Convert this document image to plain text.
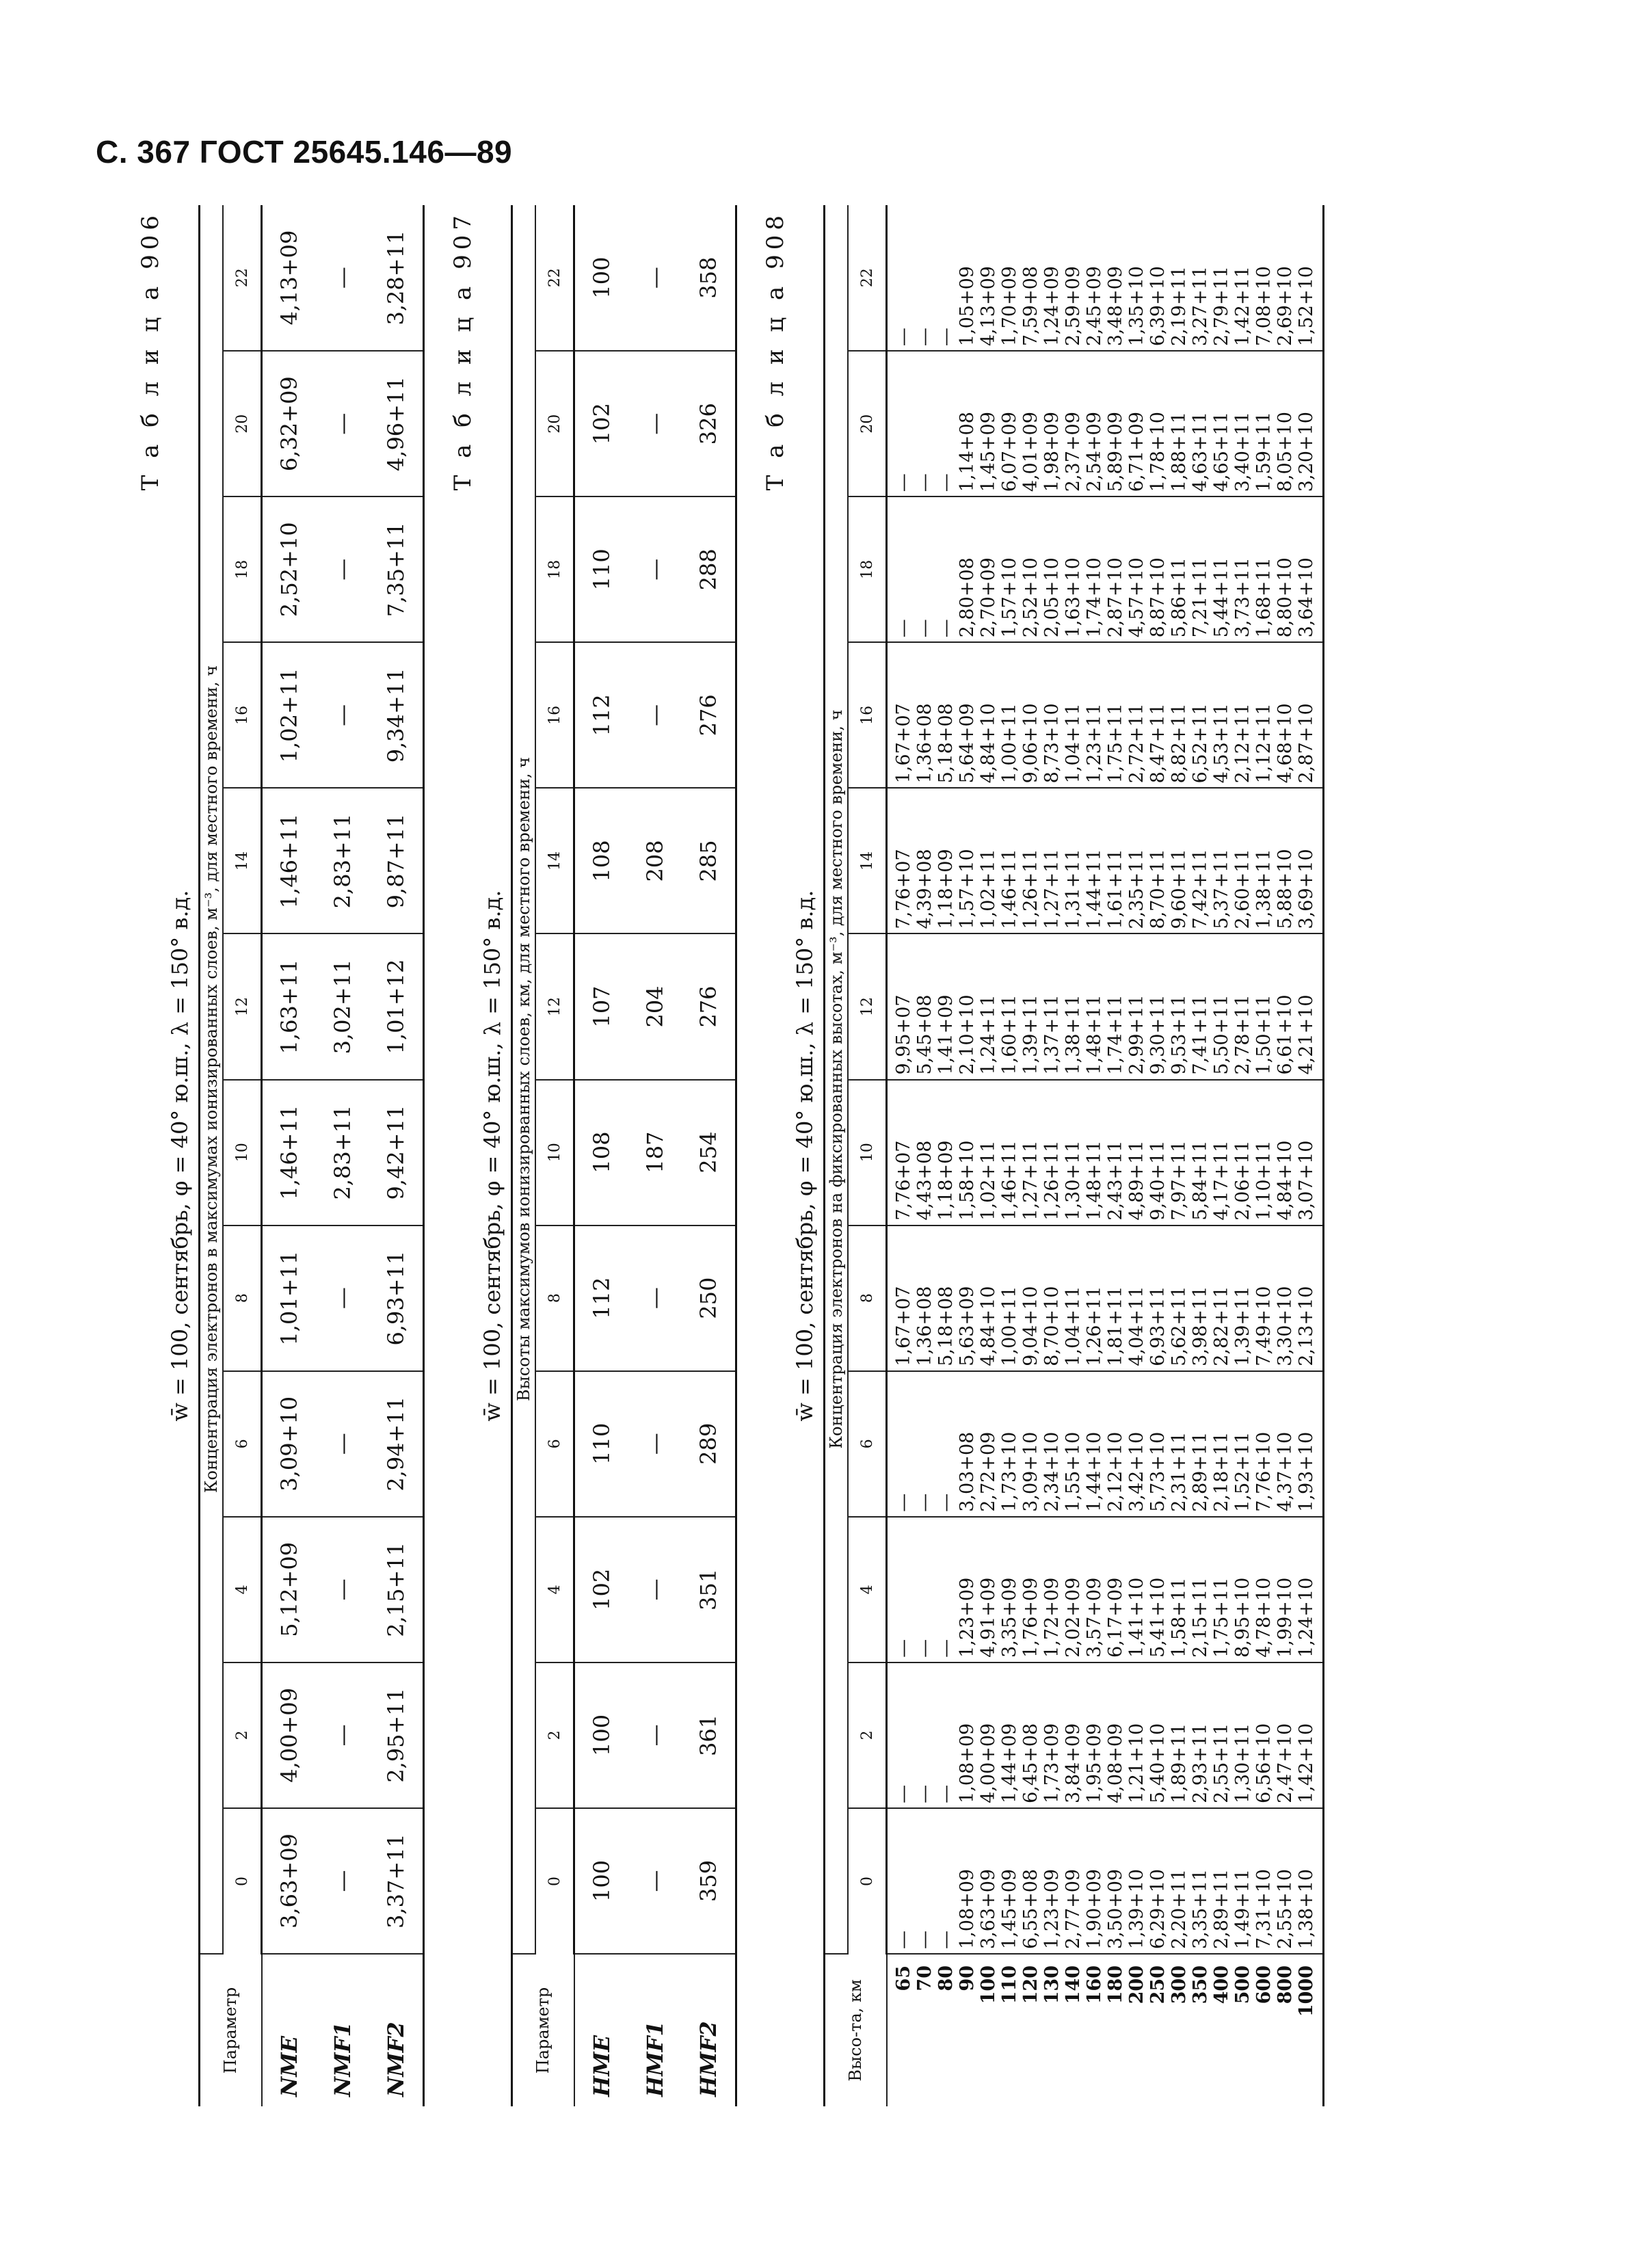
С. 367 ГОСТ 25645.146—89
Т а б л и ц а 906
w̄ = 100, сентябрь, φ = 40° ю.ш., λ = 150° в.д.
Параметр	Концентрация электронов в максимумах ионизированных слоев, м⁻³, для местного времени, ч											
	0	2	4	6	8	10	12	14	16	18	20	22
NME	3,63+09	4,00+09	5,12+09	3,09+10	1,01+11	1,46+11	1,63+11	1,46+11	1,02+11	2,52+10	6,32+09	4,13+09
NMF1	—	—	—	—	—	2,83+11	3,02+11	2,83+11	—	—	—	—
NMF2	3,37+11	2,95+11	2,15+11	2,94+11	6,93+11	9,42+11	1,01+12	9,87+11	9,34+11	7,35+11	4,96+11	3,28+11 Т а б л и ц а 907
w̄ = 100, сентябрь, φ = 40° ю.ш., λ = 150° в.д.
Параметр	Высоты максимумов ионизированных слоев, км, для местного времени, ч											
	0	2	4	6	8	10	12	14	16	18	20	22
HME	100	100	102	110	112	108	107	108	112	110	102	100
HMF1	—	—	—	—	—	187	204	208	—	—	—	—
HMF2	359	361	351	289	250	254	276	285	276	288	326	358 Т а б л и ц а 908
w̄ = 100, сентябрь, φ = 40° ю.ш., λ = 150° в.д.
Высо-та, км	Концентрация электронов на фиксированных высотах, м⁻³, для местного времени, ч											
	0	2	4	6	8	10	12	14	16	18	20	22
65	—	—	—	—	1,67+07	7,76+07	9,95+07	7,76+07	1,67+07	—	—	—
70	—	—	—	—	1,36+08	4,43+08	5,45+08	4,39+08	1,36+08	—	—	—
80	—	—	—	—	5,18+08	1,18+09	1,41+09	1,18+09	5,18+08	—	—	—
90	1,08+09	1,08+09	1,23+09	3,03+08	5,63+09	1,58+10	2,10+10	1,57+10	5,64+09	2,80+08	1,14+08	1,05+09
100	3,63+09	4,00+09	4,91+09	2,72+09	4,84+10	1,02+11	1,24+11	1,02+11	4,84+10	2,70+09	1,45+09	4,13+09
110	1,45+09	1,44+09	3,35+09	1,73+10	1,00+11	1,46+11	1,60+11	1,46+11	1,00+11	1,57+10	6,07+09	1,70+09
120	6,55+08	6,45+08	1,76+09	3,09+10	9,04+10	1,27+11	1,39+11	1,26+11	9,06+10	2,52+10	4,01+09	7,59+08
130	1,23+09	1,73+09	1,72+09	2,34+10	8,70+10	1,26+11	1,37+11	1,27+11	8,73+10	2,05+10	1,98+09	1,24+09
140	2,77+09	3,84+09	2,02+09	1,55+10	1,04+11	1,30+11	1,38+11	1,31+11	1,04+11	1,63+10	2,37+09	2,59+09
160	1,90+09	1,95+09	3,57+09	1,44+10	1,26+11	1,48+11	1,48+11	1,44+11	1,23+11	1,74+10	2,54+09	2,45+09
180	3,50+09	4,08+09	6,17+09	2,12+10	1,81+11	2,43+11	1,74+11	1,61+11	1,75+11	2,87+10	5,89+09	3,48+09
200	1,39+10	1,21+10	1,41+10	3,42+10	4,04+11	4,89+11	2,99+11	2,35+11	2,72+11	4,57+10	6,71+09	1,35+10
250	6,29+10	5,40+10	5,41+10	5,73+10	6,93+11	9,40+11	9,30+11	8,70+11	8,47+11	8,87+10	1,78+10	6,39+10
300	2,20+11	1,89+11	1,58+11	2,31+11	5,62+11	7,97+11	9,53+11	9,60+11	8,82+11	5,86+11	1,88+11	2,19+11
350	3,35+11	2,93+11	2,15+11	2,89+11	3,98+11	5,84+11	7,41+11	7,42+11	6,52+11	7,21+11	4,63+11	3,27+11
400	2,89+11	2,55+11	1,75+11	2,18+11	2,82+11	4,17+11	5,50+11	5,37+11	4,53+11	5,44+11	4,65+11	2,79+11
500	1,49+11	1,30+11	8,95+10	1,52+11	1,39+11	2,06+11	2,78+11	2,60+11	2,12+11	3,73+11	3,40+11	1,42+11
600	7,31+10	6,56+10	4,78+10	7,76+10	7,49+10	1,10+11	1,50+11	1,38+11	1,12+11	1,68+11	1,59+11	7,08+10
800	2,55+10	2,47+10	1,99+10	4,37+10	3,30+10	4,84+10	6,61+10	5,88+10	4,68+10	8,80+10	8,05+10	2,69+10
1000	1,38+10	1,42+10	1,24+10	1,93+10	2,13+10	3,07+10	4,21+10	3,69+10	2,87+10	3,64+10	3,20+10	1,52+10
